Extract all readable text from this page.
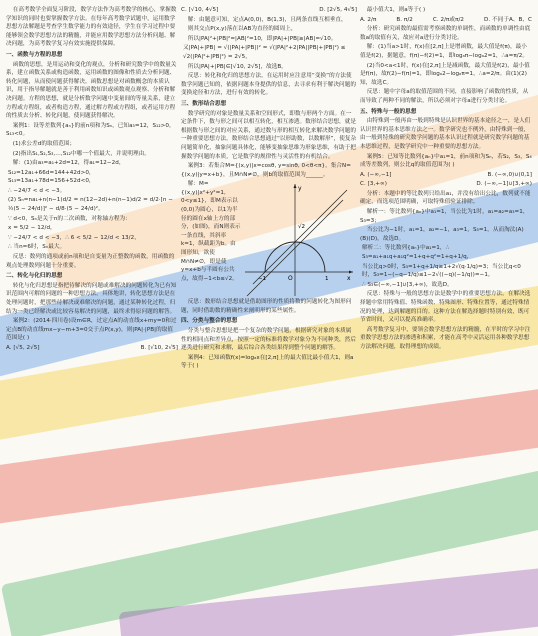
在高考数学全面复习阶段，数学方法作为高考数学的核心，掌握数学知识的同时也要掌握数学方法。在每年高考数学试题中，运用数学思想方法解题是考查学生数学能力的有效途径，学生在学习过程中要能够领会数学思想方法的精髓，并能应用数学思想方法分析问题、解决问题，为高考数学复习有效实施提供保障。

一、函数与方程的思想

函数的思想，是用运动和变化的观点，分析和研究数学中的数量关系，建立函数关系或构造函数，运用函数的图像和性质去分析问题、转化问题，从而使问题获得解决。函数思想是对函数概念的本质认识，用于指导解题就是善于利用函数知识或函数观点观察、分析和解决问题。方程的思想，就是分析数学问题中变量间的等量关系，建立方程或方程组，或者构造方程，通过解方程或方程组，或者运用方程的性质去分析、转化问题，使问题获得解决。

案例1：设等差数列{aₙ}的前n项和为Sₙ，已知a₃=12，S₁₂>0，S₁₃<0。

(1)求公差d的取值范围；

(2)指出S₁,S₂,S₃,…,S₁₂中哪一个值最大，并说明理由。

解：(1)由a₃=a₁+2d=12，得a₁=12−2d，

S₁₂=12a₁+66d=144+42d>0，S₁₃=13a₁+78d=156+52d<0，

∴ −24/7 < d < −3。

(2) Sₙ=na₁+n(n−1)d/2 = n(12−2d)+n(n−1)d/2 = d/2·[n − ½(5 − 24/d)]² − d/8·(5 − 24/d)²，

∵ d<0，Sₙ是关于n的二次函数，对称轴方程为：

x = 5/2 − 12/d，

∵ −24/7 < d < −3，∴ 6 < 5/2 − 12/d < 13/2，

∴ 当n=6时，Sₙ最大。

反思：数列的通项或前n项和是自变量为正整数的函数，用函数的观点处理数列问题十分重要。

二、转化与化归的思想

转化与化归思想是指把待解决的问题或难解决的问题转化为已有知识范围内可解的问题的一种思想方法。具体地讲，转化思想方法是在处理问题时，把那些待解决或难解决的问题，通过某种转化过程，归结为一类已经解决或比较容易解决的问题，最终求得原问题的解答。

案例2：(2014·四川卷)设m∈R，过定点A的动直线x+my=0和过定点B的动直线mx−y−m+3=0交于点P(x,y)，则|PA|·|PB|的取值范围是( )

A. [√5, 2√5]	B. [√10, 2√5]
C. [√10, 4√5]	D. [2√5, 4√5]

解：由题意可知，定点A(0,0)，B(1,3)，且两条直线互相垂直，

则其交点P(x,y)落在以AB为直径的圆周上，

所以|PA|²+|PB|²=|AB|²=10，即|PA|+|PB|≥|AB|=√10。

又|PA|+|PB| = √(|PA|+|PB|)² = √(|PA|²+2|PA||PB|+|PB|²) ≤ √2(|PA|²+|PB|²) = 2√5，

所以|PA|+|PB|∈[√10, 2√5]，故选B。

反思：转化和化归的思想方法，在运用时应注意用“变换”的方法使数学问题已知的，依据问题本身提供的信息，去寻求有利于解决问题的变换途径和方法，进行有效的转化。

三、数形结合思想

数学研究的对象是数量关系和空间形式，即数与形两个方面。在一定条件下，数与形之间可以相互转化，相互渗透。数形结合思想，就是根据数与形之间的对应关系，通过数与形的相互转化来解决数学问题的一种重要思想方法。数形结合思想通过“以形助数，以数解形”，使复杂问题简单化，抽象问题具体化，能够变抽象思维为形象思维，有助于把握数学问题的本质，它是数学的规律性与灵活性的有机结合。

案例3：若集合M={(x,y)|x=cosθ, y=sinθ, 0<θ<π}，集合N={(x,y)|y=x+b}，且M∩N≠∅，则b的取值范围为______。

解：M={(x,y)|x²+y²=1, 0<y≤1}，即M表示以(0,0)为圆心，以1为半径的圆在x轴上方的部分，(如图)，而N则表示一条直线，其斜率k=1，纵截距为b。由图形知，欲使M∩N≠∅，即是使y=x+b与半圆有公共点，故得−1<b≤√2。

y
x
O	1
−1
√2

反思：数形结合思想就是借助图形的性质将数的问题转化为图形问题，同时借助数的精确性来阐明形的某些属性。

四、分类与整合的思想

分类与整合思想是把一个复杂的数学问题，根据研究对象的本质属性的相同点和差异点，按照一定的标准将数学对象分为不同种类，然后逐类进行研究和求解，最后综合各类结果得到整个问题的解答。

案例4：已知函数f(x)=logₐx在[2,π]上的最大值比最小值大1，则a等于( )

最小值大1，则a等于( )

A. 2/π	B. π/2	C. 2/π或π/2	D. 不同于A、B、C

分析：研究函数的最值需考察函数的单调性，而函数的单调性由底数a的取值有关，故应对a进行分类讨论。

解：(1)当a>1时，f(x)在[2,π]上是增函数，最大值是f(π)，最小值是f(2)，据题意，f(π)−f(2)=1，即logₐπ−logₐ2=1，∴a=π/2。

(2)当0<a<1时，f(x)在[2,π]上是减函数，最大值是f(2)，最小值是f(π)，故f(2)−f(π)=1，即logₐ2−logₐπ=1，∴a=2/π。由(1)(2)知，故选C。

反思：题中字母a的取值范围的不同，直接影响了函数的性质，从而导致了两种不同的解法，所以必须对字母a进行分类讨论。

五、特殊与一般的思想

由特殊到一般再由一般到特殊是认识世界的基本途径之一，是人们认识世界的基本思维方法之一。数学研究也不例外，由特殊到一般，由一般到特殊的研究数学问题的基本认识过程就是研究数学问题的基本思维过程，是数学研究中一种重要的思想方法。

案例5：已知等比数列{aₙ}中a₁=1，前n项和为Sₙ，若S₂，S₃，S₄成等差数列，则公比q的取值范围为( )

A. (−∞,−1]	B. (−∞,0)∪(0,1]
C. [3,+∞)	D. (−∞,−1]∪[3,+∞)

分析：本题中的等比数列只给出a₁，并没有给出公比，数列就不能确定，而选项范围明确，可取特殊值验证排除。

解析一：等比数列{aₙ}中a₁=1，当公比为1时，a₁=a₂=a₃=1，S₃=3；

当公比为−1时，a₁=1，a₂=−1，a₃=1，S₃=1，从而淘汰(A)(B)(D)，故选D。

解析二：等比数列{aₙ}中a₁=1，∴ S₃=a₁+a₁q+a₁q²=1+q+q²=1+q+1/q，

当公比q>0时，S₃=1+q+1/q≥1+2√(q·1/q)=3；当公比q<0时，S₃=1−(−q−1/q)≤1−2√((−q)(−1/q))=−1，

∴ S₃∈(−∞,−1]∪[3,+∞)，故选D。

反思：特殊与一般的思想方法是数学中的重要思想方法，在解决选择题中常用特殊值、特殊函数、特殊图形、特殊位置等，通过特殊情况的处理，达到解题的目的。这种方法在解选择题时特别有效，既可节省时间，又可以提高准确率。

高考数学复习中，要领会数学思想方法的精髓，在平时的学习中注重数学思想方法的渗透和积累，才能在高考中灵活运用各种数学思想方法解决问题，取得理想的成绩。
